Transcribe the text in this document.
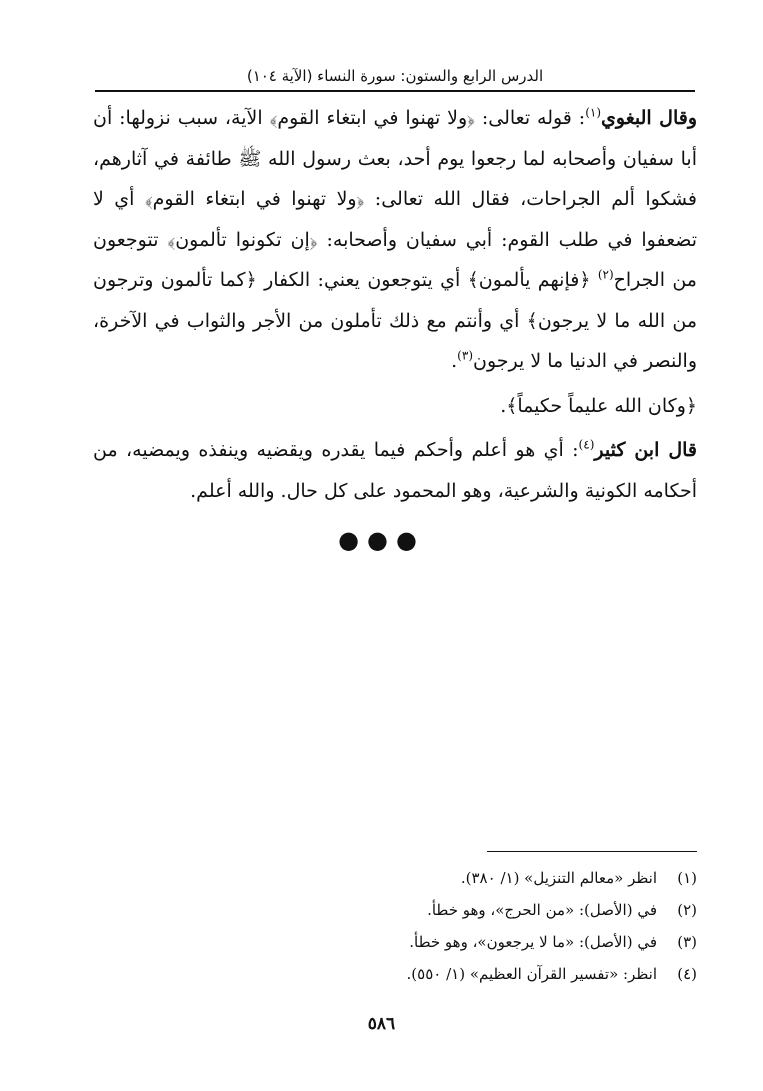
الدرس الرابع والستون: سورة النساء (الآية ١٠٤)

وقال البغوي$^{(١)}$: قوله تعالى: ﴿ولا تهنوا في ابتغاء القوم﴾ الآية، سبب نزولها: أن أبا سفيان وأصحابه لما رجعوا يوم أحد، بعث رسول الله ﷺ طائفة في آثارهم، فشكوا ألم الجراحات، فقال الله تعالى: ﴿ولا تهنوا في ابتغاء القوم﴾ أي لا تضعفوا في طلب القوم: أبي سفيان وأصحابه: ﴿إن تكونوا تألمون﴾ تتوجعون من الجراح$^{(٢)}$ ﴿فإنهم يألمون﴾ أي يتوجعون يعني: الكفار ﴿كما تألمون وترجون من الله ما لا يرجون﴾ أي وأنتم مع ذلك تأملون من الأجر والثواب في الآخرة، والنصر في الدنيا ما لا يرجون$^{(٣)}$.

﴿وكان الله عليماً حكيماً﴾.

قال ابن كثير$^{(٤)}$: أي هو أعلم وأحكم فيما يقدره ويقضيه وينفذه ويمضيه، من أحكامه الكونية والشرعية، وهو المحمود على كل حال. والله أعلم.

●●●
(١)
انظر «معالم التنزيل» (١/ ٣٨٠).
(٢)
في (الأصل): «من الحرج»، وهو خطأ.
(٣)
في (الأصل): «ما لا يرجعون»، وهو خطأ.
(٤)
انظر: «تفسير القرآن العظيم» (١/ ٥٥٠).
٥٨٦
